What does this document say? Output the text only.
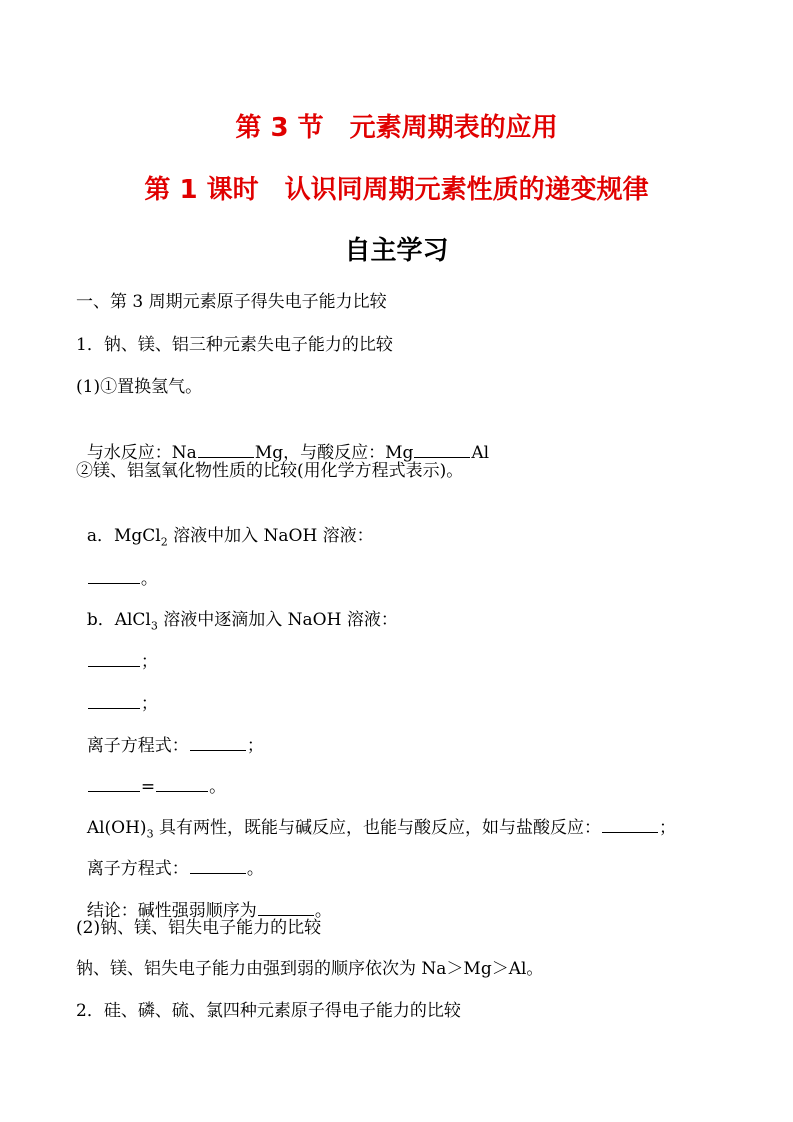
第 3 节　元素周期表的应用
第 1 课时　认识同周期元素性质的递变规律
自主学习
一、第 3 周期元素原子得失电子能力比较
1．钠、镁、铝三种元素失电子能力的比较
(1)①置换氢气。

与水反应：Na	Mg，与酸反应：Mg	Al

②镁、铝氢氧化物性质的比较(用化学方程式表示)。

a．MgCl$_2$ 溶液中加入 NaOH 溶液：

。

b．AlCl$_3$ 溶液中逐滴加入 NaOH 溶液：

；

；

离子方程式：	；

=	。

$Al(OH)_3$ 具有两性，既能与碱反应，也能与酸反应，如与盐酸反应：	；

离子方程式：	。

结论：碱性强弱顺序为	。

(2)钠、镁、铝失电子能力的比较
钠、镁、铝失电子能力由强到弱的顺序依次为 Na＞Mg＞Al。
2．硅、磷、硫、氯四种元素原子得电子能力的比较
